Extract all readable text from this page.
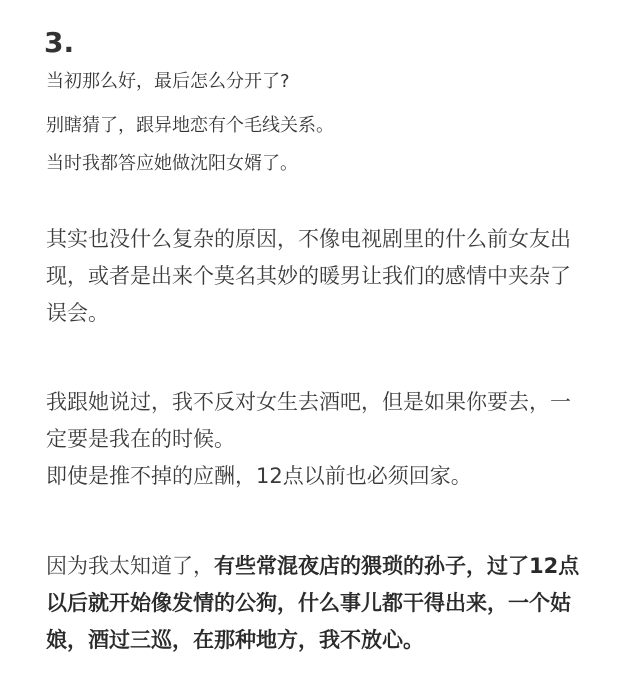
3.
当初那么好，最后怎么分开了?
别瞎猜了，跟异地恋有个毛线关系。
当时我都答应她做沈阳女婿了。

其实也没什么复杂的原因，不像电视剧里的什么前女友出

现，或者是出来个莫名其妙的暖男让我们的感情中夹杂了

误会。

我跟她说过，我不反对女生去酒吧，但是如果你要去，一

定要是我在的时候。

即使是推不掉的应酬，12点以前也必须回家。

因为我太知道了，有些常混夜店的猥琐的孙子，过了12点

以后就开始像发情的公狗，什么事儿都干得出来，一个姑

娘，酒过三巡，在那种地方，我不放心。
